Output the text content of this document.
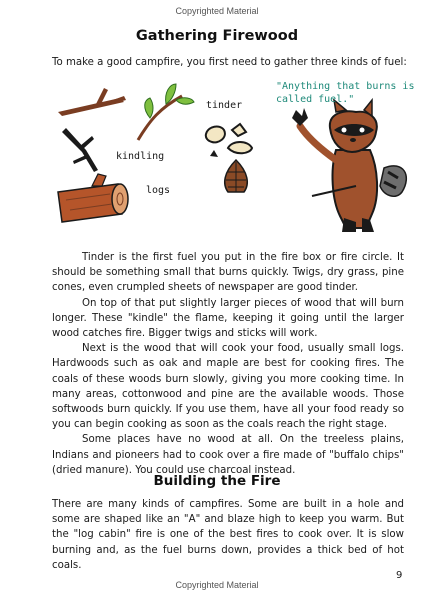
Copyrighted Material
Gathering Firewood
To make a good campfire, you first need to gather three kinds of fuel:
tinder
kindling
logs
"Anything that burns is called fuel."

Tinder is the first fuel you put in the fire box or fire circle. It should be something small that burns quickly. Twigs, dry grass, pine cones, even crumpled sheets of newspaper are good tinder.

On top of that put slightly larger pieces of wood that will burn longer. These "kindle" the flame, keeping it going until the larger wood catches fire. Bigger twigs and sticks will work.

Next is the wood that will cook your food, usually small logs. Hardwoods such as oak and maple are best for cooking fires. The coals of these woods burn slowly, giving you more cooking time. In many areas, cottonwood and pine are the available woods. Those softwoods burn quickly. If you use them, have all your food ready so you can begin cooking as soon as the coals reach the right stage.

Some places have no wood at all. On the treeless plains, Indians and pioneers had to cook over a fire made of "buffalo chips" (dried manure). You could use charcoal instead.

Building the Fire

There are many kinds of campfires. Some are built in a hole and some are shaped like an "A" and blaze high to keep you warm. But the "log cabin" fire is one of the best fires to cook over. It is slow burning and, as the fuel burns down, provides a thick bed of hot coals.

9
Copyrighted Material
